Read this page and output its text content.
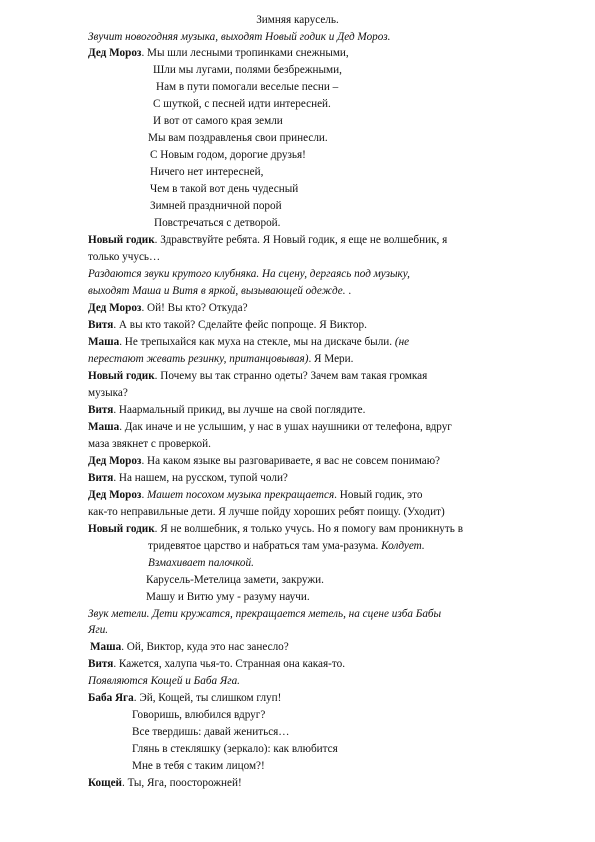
Зимняя карусель.
Звучит новогодняя музыка, выходят Новый годик и Дед Мороз.
Дед Мороз. Мы шли лесными тропинками снежными,
Шли мы лугами, полями безбрежными,
Нам в пути помогали веселые песни –
С шуткой, с песней идти интересней.
И вот от самого края земли
Мы вам поздравленья свои принесли.
С Новым годом, дорогие друзья!
Ничего нет интересней,
Чем в такой вот день чудесный
Зимней праздничной порой
Повстречаться с детворой.
Новый годик. Здравствуйте ребята. Я Новый годик, я еще не волшебник, я
только учусь…
Раздаются звуки крутого клубняка. На сцену, дергаясь под музыку,
выходят Маша и Витя в яркой, вызывающей одежде. .
Дед Мороз. Ой! Вы кто? Откуда?
Витя. А вы кто такой? Сделайте фейс попроще. Я Виктор.
Маша. Не трепыхайся как муха на стекле, мы на дискаче были. (не
перестают жевать резинку, пританцовывая). Я Мери.
Новый годик. Почему вы так странно одеты? Зачем вам такая громкая
музыка?
Витя. Наармальный прикид, вы лучше на свой поглядите.
Маша. Дак иначе и не услышим, у нас в ушах наушники от телефона, вдруг
маза звякнет с проверкой.
Дед Мороз. На каком языке вы разговариваете, я вас не совсем понимаю?
Витя. На нашем, на русском, тупой чоли?
Дед Мороз. Машет посохом музыка прекращается. Новый годик, это
как-то неправильные дети. Я лучше пойду хороших ребят поищу. (Уходит)
Новый годик. Я не волшебник, я только учусь. Но я помогу вам проникнуть в
тридевятое царство и набраться там ума-разума. Колдует.
Взмахивает палочкой.
Карусель-Метелица замети, закружи.
Машу и Витю уму - разуму научи.
Звук метели. Дети кружатся, прекращается метель, на сцене изба Бабы
Яги.
Маша. Ой, Виктор, куда это нас занесло?
Витя. Кажется, халупа чья-то. Странная она какая-то.
Появляются Кощей и Баба Яга.
Баба Яга. Эй, Кощей, ты слишком глуп!
Говоришь, влюбился вдруг?
Все твердишь: давай жениться…
Глянь в стекляшку (зеркало): как влюбится
Мне в тебя с таким лицом?!
Кощей. Ты, Яга, поосторожней!
